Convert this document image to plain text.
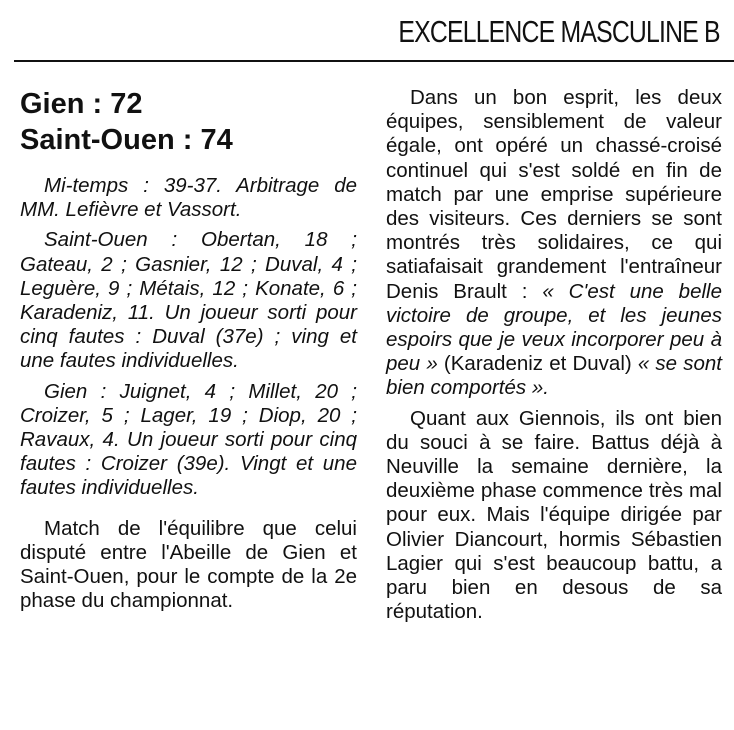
EXCELLENCE MASCULINE B
Gien : 72
Saint-Ouen : 74

Mi-temps : 39-37. Arbitrage de MM. Lefièvre et Vassort.

Saint-Ouen : Obertan, 18 ; Gateau, 2 ; Gasnier, 12 ; Duval, 4 ; Leguère, 9 ; Métais, 12 ; Konate, 6 ; Karadeniz, 11. Un joueur sorti pour cinq fautes : Duval (37e) ; ving et une fautes individuelles.

Gien : Juignet, 4 ; Millet, 20 ; Croizer, 5 ; Lager, 19 ; Diop, 20 ; Ravaux, 4. Un joueur sorti pour cinq fautes : Croizer (39e). Vingt et une fautes individuelles.

Match de l'équilibre que celui disputé entre l'Abeille de Gien et Saint-Ouen, pour le compte de la 2e phase du championnat.

Dans un bon esprit, les deux équipes, sensiblement de valeur égale, ont opéré un chassé-croisé continuel qui s'est soldé en fin de match par une emprise supérieure des visiteurs. Ces derniers se sont montrés très solidaires, ce qui satiafaisait grandement l'entraîneur Denis Brault : « C'est une belle victoire de groupe, et les jeunes espoirs que je veux incorporer peu à peu » (Karadeniz et Duval) « se sont bien comportés ».

Quant aux Giennois, ils ont bien du souci à se faire. Battus déjà à Neuville la semaine dernière, la deuxième phase commence très mal pour eux. Mais l'équipe dirigée par Olivier Diancourt, hormis Sébastien Lagier qui s'est beaucoup battu, a paru bien en desous de sa réputation.
